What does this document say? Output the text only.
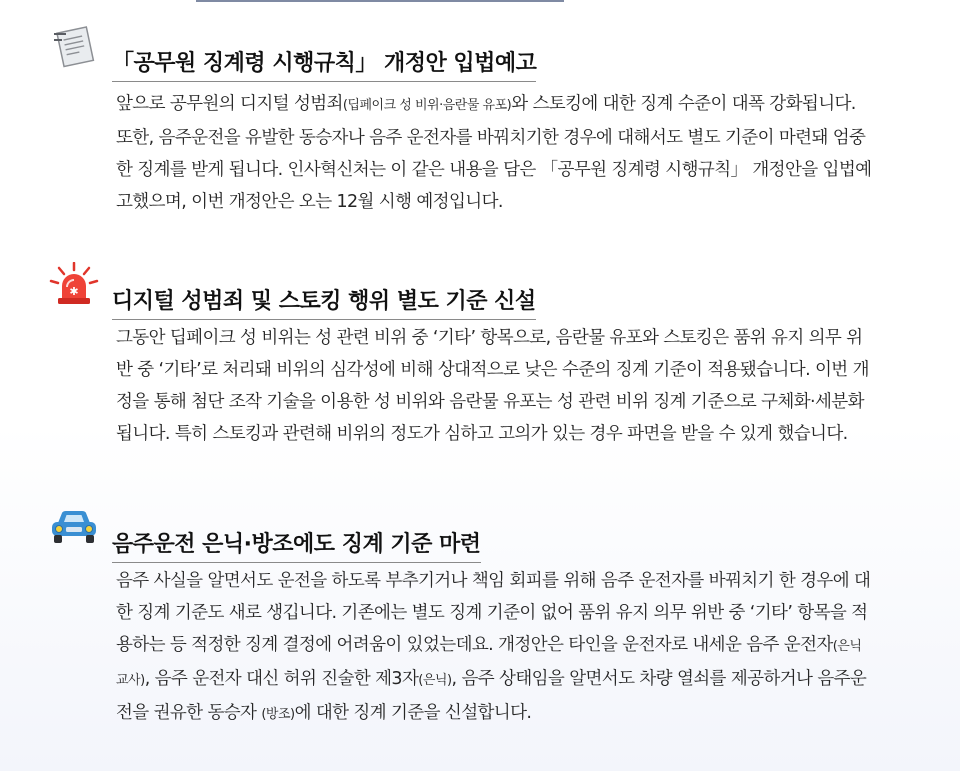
「공무원 징계령 시행규칙」 개정안 입법예고

앞으로 공무원의 디지털 성범죄(딥페이크 성 비위·음란물 유포)와 스토킹에 대한 징계 수준이 대폭 강화됩니다. 또한, 음주운전을 유발한 동승자나 음주 운전자를 바꿔치기한 경우에 대해서도 별도 기준이 마련돼 엄중한 징계를 받게 됩니다. 인사혁신처는 이 같은 내용을 담은 「공무원 징계령 시행규칙」 개정안을 입법예고했으며, 이번 개정안은 오는 12월 시행 예정입니다.

✱ 디지털 성범죄 및 스토킹 행위 별도 기준 신설

그동안 딥페이크 성 비위는 성 관련 비위 중 ‘기타’ 항목으로, 음란물 유포와 스토킹은 품위 유지 의무 위반 중 ‘기타’로 처리돼 비위의 심각성에 비해 상대적으로 낮은 수준의 징계 기준이 적용됐습니다. 이번 개정을 통해 첨단 조작 기술을 이용한 성 비위와 음란물 유포는 성 관련 비위 징계 기준으로 구체화·세분화됩니다. 특히 스토킹과 관련해 비위의 정도가 심하고 고의가 있는 경우 파면을 받을 수 있게 했습니다.

음주운전 은닉·방조에도 징계 기준 마련

음주 사실을 알면서도 운전을 하도록 부추기거나 책임 회피를 위해 음주 운전자를 바꿔치기 한 경우에 대한 징계 기준도 새로 생깁니다. 기존에는 별도 징계 기준이 없어 품위 유지 의무 위반 중 ‘기타’ 항목을 적용하는 등 적정한 징계 결정에 어려움이 있었는데요. 개정안은 타인을 운전자로 내세운 음주 운전자(은닉 교사), 음주 운전자 대신 허위 진술한 제3자(은닉), 음주 상태임을 알면서도 차량 열쇠를 제공하거나 음주운전을 권유한 동승자 (방조)에 대한 징계 기준을 신설합니다.
